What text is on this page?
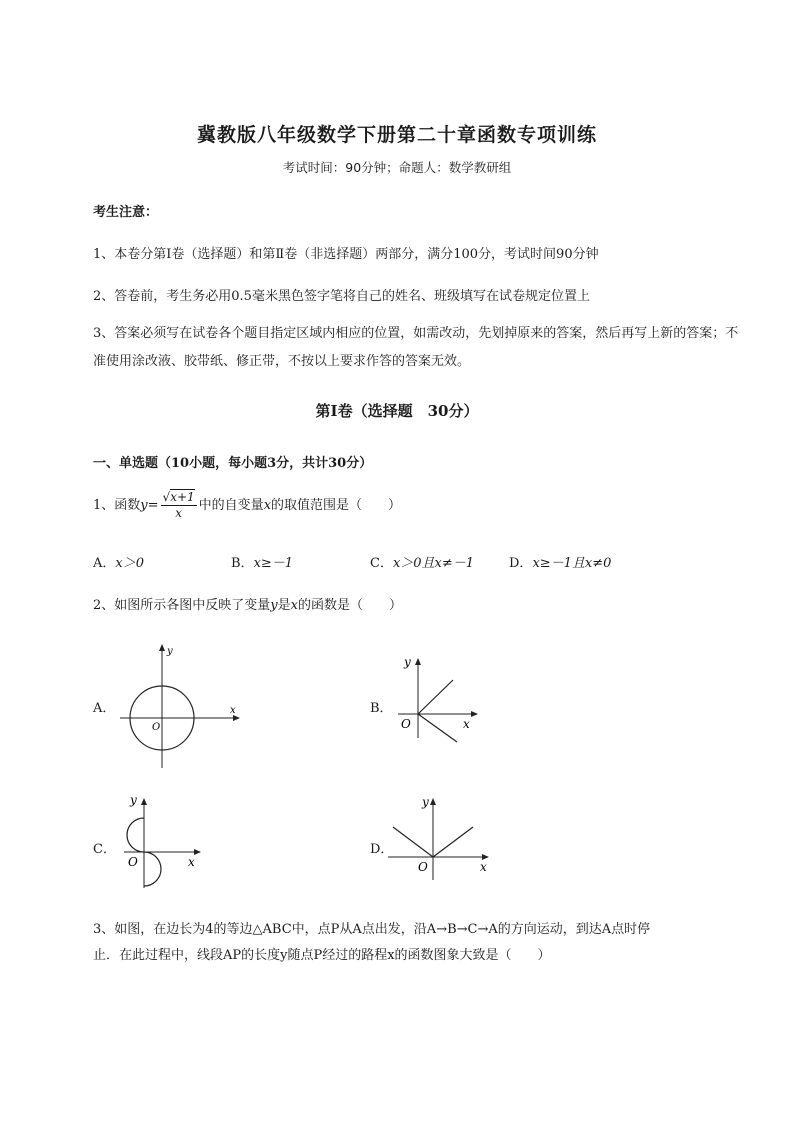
冀教版八年级数学下册第二十章函数专项训练

考试时间：90分钟；命题人：数学教研组

考生注意：

1、本卷分第Ⅰ卷（选择题）和第Ⅱ卷（非选择题）两部分，满分100分，考试时间90分钟

2、答卷前，考生务必用0.5毫米黑色签字笔将自己的姓名、班级填写在试卷规定位置上

3、答案必须写在试卷各个题目指定区域内相应的位置，如需改动，先划掉原来的答案，然后再写上新的答案；不准使用涂改液、胶带纸、修正带，不按以上要求作答的答案无效。

第Ⅰ卷（选择题　30分）

一、单选题（10小题，每小题3分，共计30分）

1、函数$y= \frac{√x+1}{x}$ 中的自变量x的取值范围是（　　）
A．x＞0	B．x≥－1	C．x＞0且x≠－1	D．x≥－1且x≠0
2、如图所示各图中反映了变量y是x的函数是（　　）
A．	x
y
O
B．
x
y
O
C．
x
y
O
D．
x
y
O

3、如图，在边长为4的等边△ABC中，点P从A点出发，沿A→B→C→A的方向运动，到达A点时停

止．在此过程中，线段AP的长度y随点P经过的路程x的函数图象大致是（　　）
